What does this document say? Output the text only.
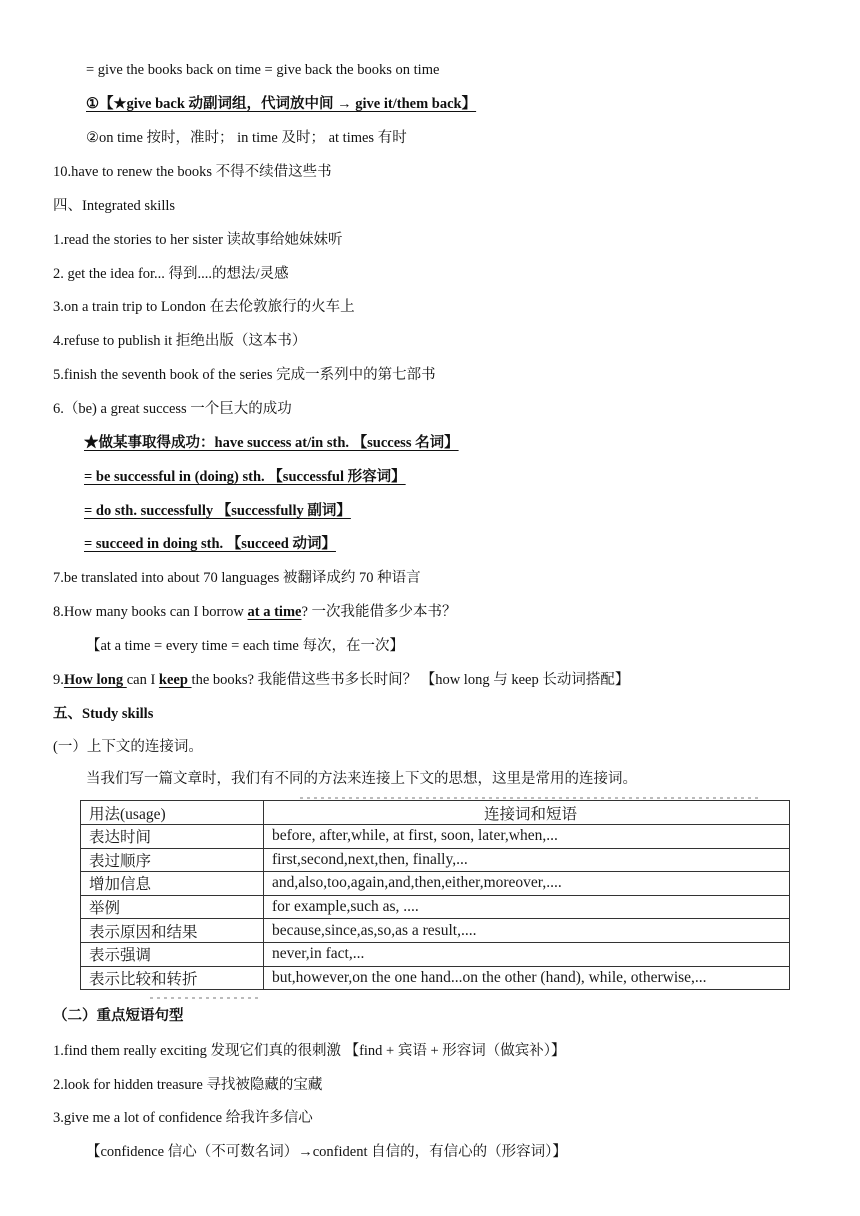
= give the books back on time = give back the books on time
①【★give back 动副词组，代词放中间 → give it/them back】
②on time 按时，准时； in time 及时； at times 有时
10.have to renew the books 不得不续借这些书
四、Integrated skills
1.read the stories to her sister 读故事给她妹妹听
2. get the idea for... 得到....的想法/灵感
3.on a train trip to London 在去伦敦旅行的火车上
4.refuse to publish it 拒绝出版（这本书）
5.finish the seventh book of the series 完成一系列中的第七部书
6.（be) a great success 一个巨大的成功
★做某事取得成功：have success at/in sth. 【success 名词】
= be successful in (doing) sth. 【successful 形容词】
= do sth. successfully 【successfully 副词】
= succeed in doing sth. 【succeed 动词】
7.be translated into about 70 languages 被翻译成约 70 种语言
8.How many books can I borrow at a time? 一次我能借多少本书？
【at a time = every time = each time 每次，在一次】
9.How long can I keep the books? 我能借这些书多长时间？ 【how long 与 keep 长动词搭配】
五、Study skills
(一）上下文的连接词。
当我们写一篇文章时，我们有不同的方法来连接上下文的思想，这里是常用的连接词。
用法(usage)	连接词和短语
表达时间	before, after,while, at first, soon, later,when,...
表过顺序	first,second,next,then, finally,...
增加信息	and,also,too,again,and,then,either,moreover,....
举例	for example,such as, ....
表示原因和结果	because,since,as,so,as a result,....
表示强调	never,in fact,...
表示比较和转折	but,however,on the one hand...on the other (hand), while, otherwise,...
（二）重点短语句型
1.find them really exciting 发现它们真的很刺激 【find + 宾语 + 形容词（做宾补）】
2.look for hidden treasure 寻找被隐藏的宝藏
3.give me a lot of confidence 给我许多信心
【confidence 信心（不可数名词）→confident 自信的，有信心的（形容词）】
